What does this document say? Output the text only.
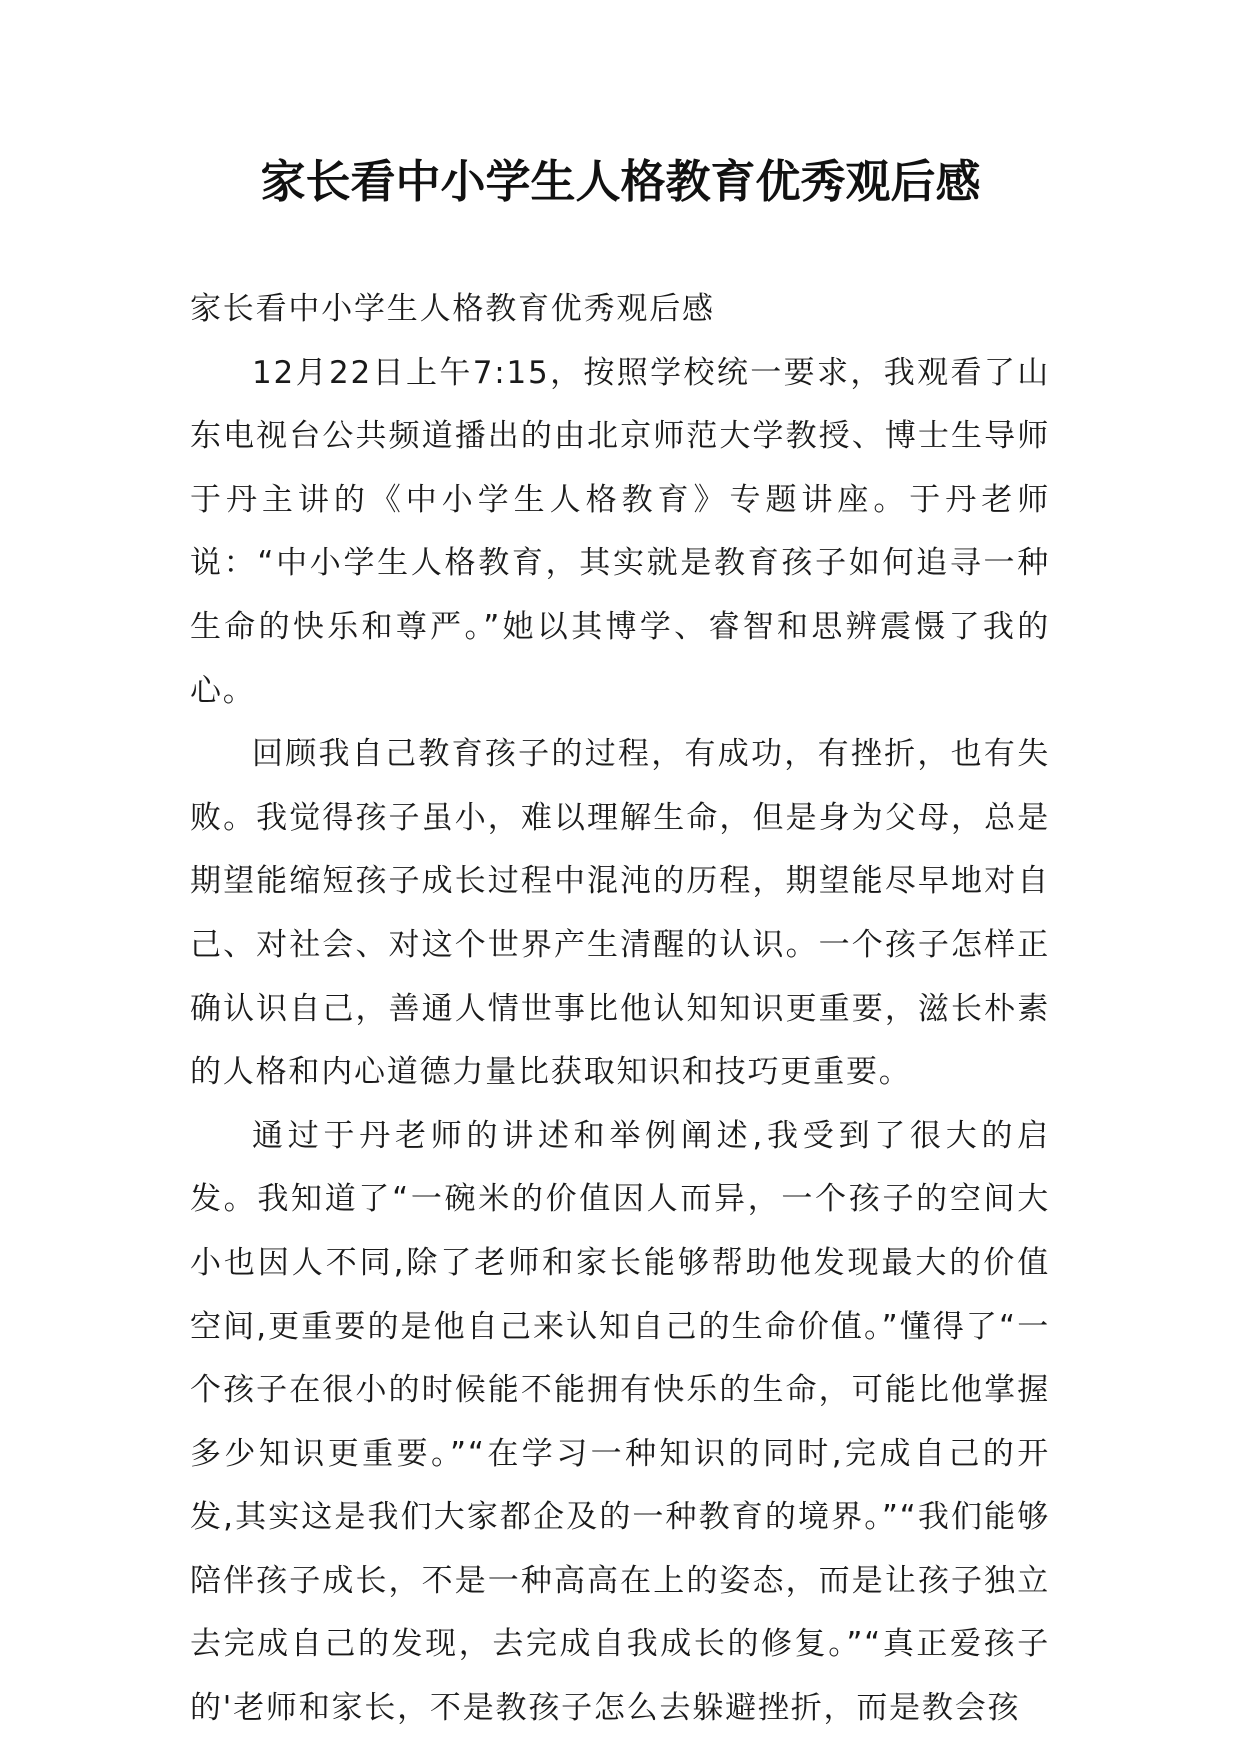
家长看中小学生人格教育优秀观后感

家长看中小学生人格教育优秀观后感

12月22日上午7:15，按照学校统一要求，我观看了山东电视台公共频道播出的由北京师范大学教授、博士生导师于丹主讲的《中小学生人格教育》专题讲座。于丹老师说：“中小学生人格教育，其实就是教育孩子如何追寻一种生命的快乐和尊严。”她以其博学、睿智和思辨震慑了我的心。

回顾我自己教育孩子的过程，有成功，有挫折，也有失败。我觉得孩子虽小，难以理解生命，但是身为父母，总是期望能缩短孩子成长过程中混沌的历程，期望能尽早地对自己、对社会、对这个世界产生清醒的认识。一个孩子怎样正确认识自己，善通人情世事比他认知知识更重要，滋长朴素的人格和内心道德力量比获取知识和技巧更重要。

通过于丹老师的讲述和举例阐述,我受到了很大的启发。我知道了“一碗米的价值因人而异，一个孩子的空间大小也因人不同,除了老师和家长能够帮助他发现最大的价值空间,更重要的是他自己来认知自己的生命价值。”懂得了“一个孩子在很小的时候能不能拥有快乐的生命，可能比他掌握多少知识更重要。”“在学习一种知识的同时,完成自己的开发,其实这是我们大家都企及的一种教育的境界。”“我们能够陪伴孩子成长，不是一种高高在上的姿态，而是让孩子独立去完成自己的发现，去完成自我成长的修复。”“真正爱孩子的'老师和家长，不是教孩子怎么去躲避挫折，而是教会孩
